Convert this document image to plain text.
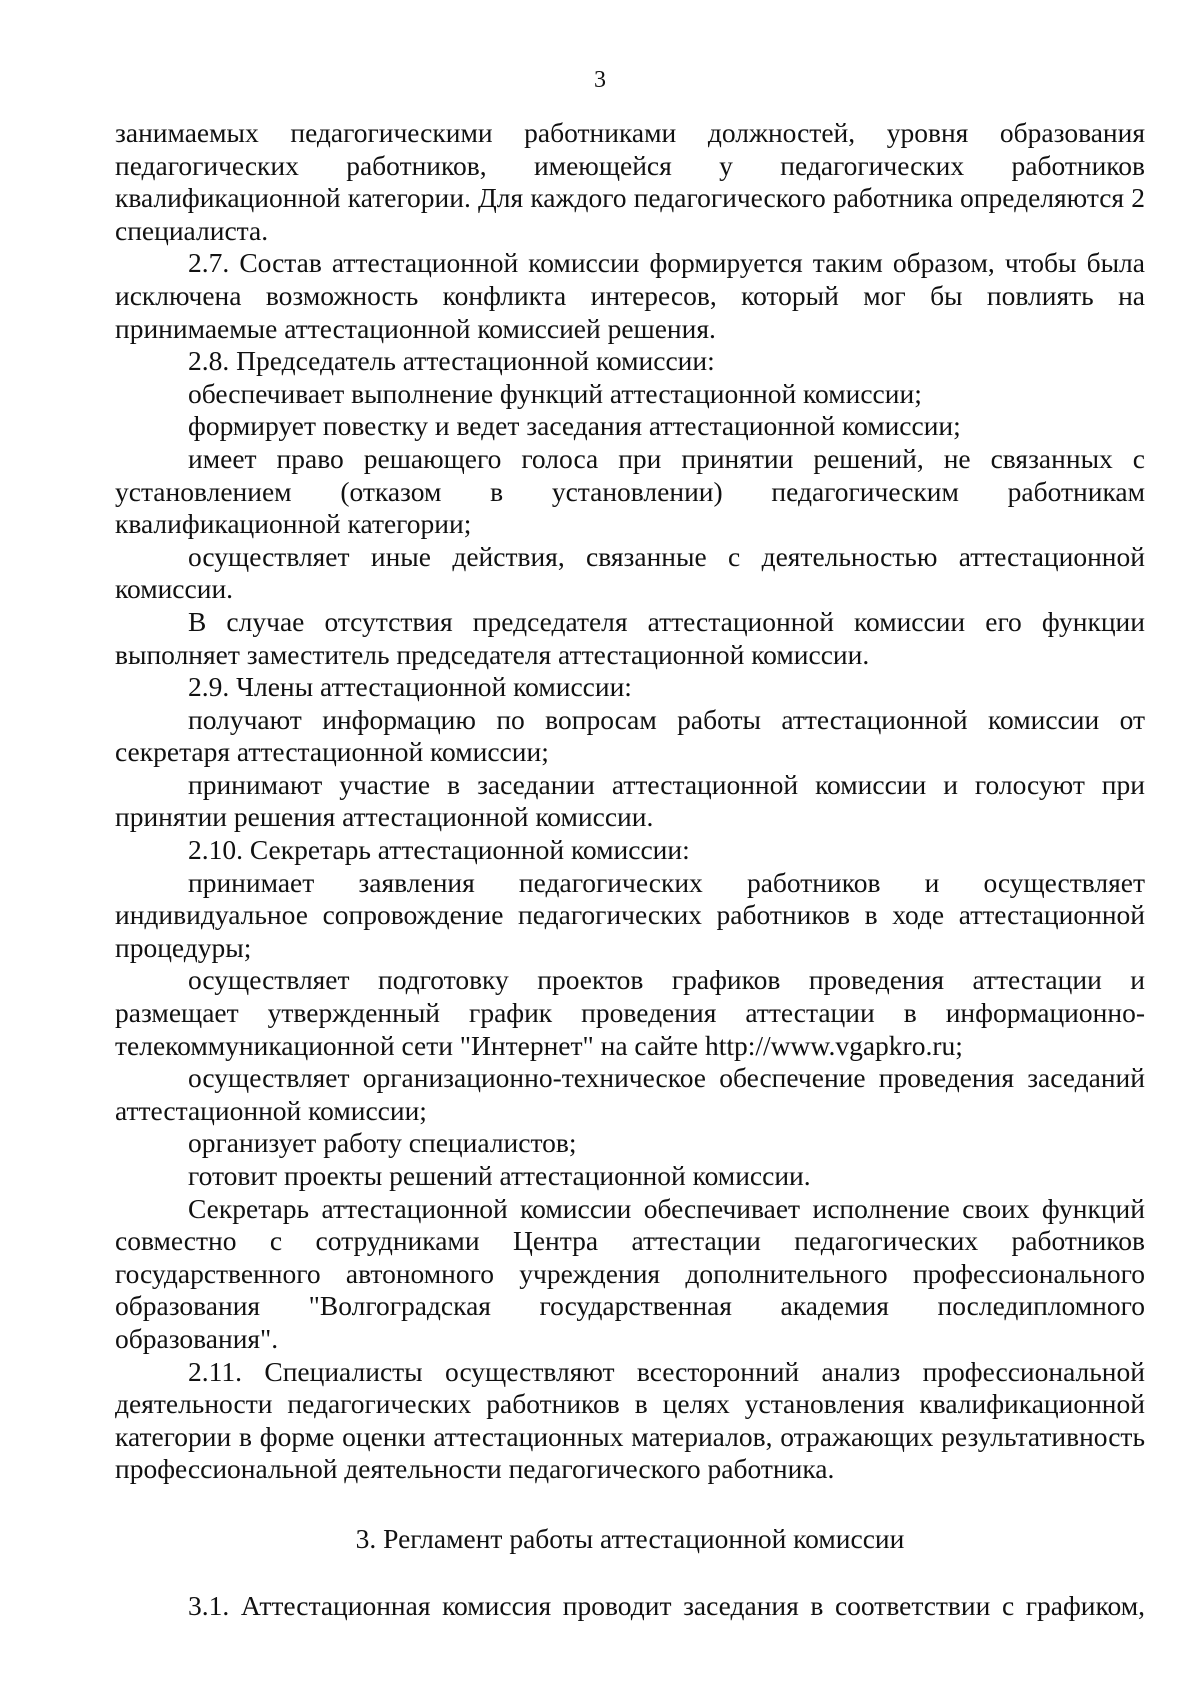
3

занимаемых педагогическими работниками должностей, уровня образования педагогических работников, имеющейся у педагогических работников квалификационной категории. Для каждого педагогического работника определяются 2 специалиста.

2.7. Состав аттестационной комиссии формируется таким образом, чтобы была исключена возможность конфликта интересов, который мог бы повлиять на принимаемые аттестационной комиссией решения.

2.8. Председатель аттестационной комиссии:

обеспечивает выполнение функций аттестационной комиссии;

формирует повестку и ведет заседания аттестационной комиссии;

имеет право решающего голоса при принятии решений, не связанных с установлением (отказом в установлении) педагогическим работникам квалификационной категории;

осуществляет иные действия, связанные с деятельностью аттестационной комиссии.

В случае отсутствия председателя аттестационной комиссии его функции выполняет заместитель председателя аттестационной комиссии.

2.9. Члены аттестационной комиссии:

получают информацию по вопросам работы аттестационной комиссии от секретаря аттестационной комиссии;

принимают участие в заседании аттестационной комиссии и голосуют при принятии решения аттестационной комиссии.

2.10. Секретарь аттестационной комиссии:

принимает заявления педагогических работников и осуществляет индивидуальное сопровождение педагогических работников в ходе аттестационной процедуры;

осуществляет подготовку проектов графиков проведения аттестации и размещает утвержденный график проведения аттестации в информационно-телекоммуникационной сети "Интернет" на сайте http://www.vgapkro.ru;

осуществляет организационно-техническое обеспечение проведения заседаний аттестационной комиссии;

организует работу специалистов;

готовит проекты решений аттестационной комиссии.

Секретарь аттестационной комиссии обеспечивает исполнение своих функций совместно с сотрудниками Центра аттестации педагогических работников государственного автономного учреждения дополнительного профессионального образования "Волгоградская государственная академия последипломного образования".

2.11. Специалисты осуществляют всесторонний анализ профессиональной деятельности педагогических работников в целях установления квалификационной категории в форме оценки аттестационных материалов, отражающих результативность профессиональной деятельности педагогического работника.

3. Регламент работы аттестационной комиссии

3.1. Аттестационная комиссия проводит заседания в соответствии с графиком,
